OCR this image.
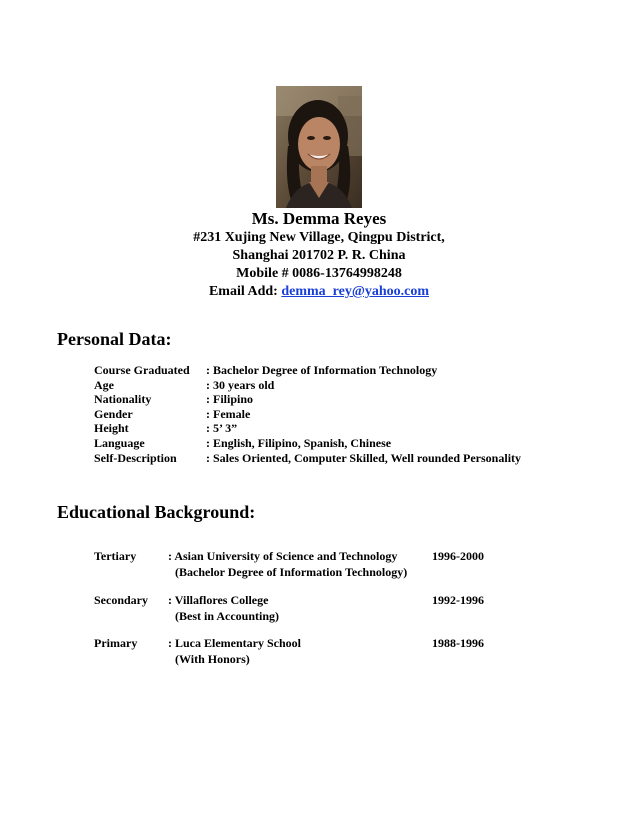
Ms. Demma Reyes
#231 Xujing New Village, Qingpu District,
Shanghai 201702 P. R. China
Mobile # 0086-13764998248
Email Add: demma_rey@yahoo.com
Personal Data:
Course Graduated	: Bachelor Degree of Information Technology
Age	: 30 years old
Nationality	: Filipino
Gender	: Female
Height	: 5’ 3”
Language	: English, Filipino, Spanish, Chinese
Self-Description	: Sales Oriented, Computer Skilled, Well rounded Personality
Educational Background:
Tertiary	: Asian University of Science and Technology	1996-2000
(Bachelor Degree of Information Technology)
Secondary	: Villaflores College	1992-1996
(Best in Accounting)
Primary	: Luca Elementary School	1988-1996
(With Honors)
